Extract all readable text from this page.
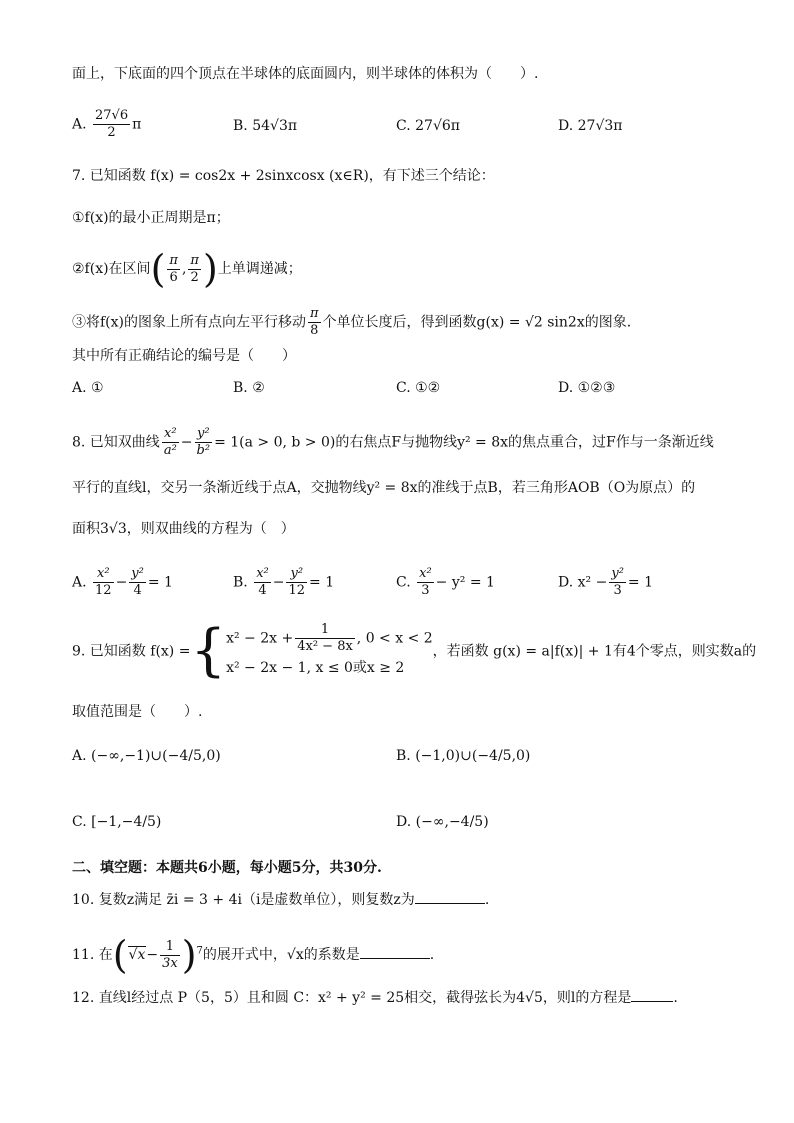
面上，下底面的四个顶点在半球体的底面圆内，则半球体的体积为（　　）.
A. $\frac{27√6}{2}$ π	B. 54√3π	C. 27√6π	D. 27√3π
7. 已知函数 f(x) = cos2x + 2sinxcosx (x∈R)，有下述三个结论：
①f(x)的最小正周期是π；
②f(x)在区间( $\frac{\pi}{6}$ , $\frac{\pi}{2}$ )上单调递减；
③将f(x)的图象上所有点向左平行移动 $\frac{\pi}{8}$ 个单位长度后，得到函数g(x) = √2 sin2x的图象.
其中所有正确结论的编号是（　　）
A. ①	B. ②	C. ①②	D. ①②③
8. 已知双曲线 $\frac{\text{x²}}{\text{a²}} - \frac{\text{y²}}{\text{b²}} = 1(a > 0$, b > 0)的右焦点F与抛物线y² = 8x的焦点重合，过F作与一条渐近线
平行的直线l，交另一条渐近线于点A，交抛物线y² = 8x的准线于点B，若三角形AOB（O为原点）的
面积3√3，则双曲线的方程为（　）
A. $\frac{\text{x²}}{12} - \frac{\text{y²}}{4} = 1$	B. $\frac{\text{x²}}{4} - \frac{\text{y²}}{12} = 1$	C. $\frac{\text{x²}}{3} - y^2 = 1$	D. $x^2 - \frac{\text{y²}}{3} = 1$
9. 已知函数 f(x) ={ $x^2 - 2x + \frac{1}{\text{4x² − 8x}}$ , 0 < x < 2
x² − 2x − 1, x ≤ 0或x ≥ 2
，若函数 g(x) = a|f(x)| + 1有4个零点，则实数a的
取值范围是（　　）.
A. (−∞,−1)∪(−4/5,0)	B. (−1,0)∪(−4/5,0)
C. [−1,−4/5)	D. (−∞,−4/5)
二、填空题：本题共6小题，每小题5分，共30分.
10. 复数z满足 z̄i = 3 + 4i（i是虚数单位），则复数z为	.
11. 在$(√x- \frac{1}{3x} )^7$的展开式中，√x的系数是	.
12. 直线l经过点 P（5，5）且和圆 C：x² + y² = 25相交，截得弦长为4√5，则l的方程是	.
